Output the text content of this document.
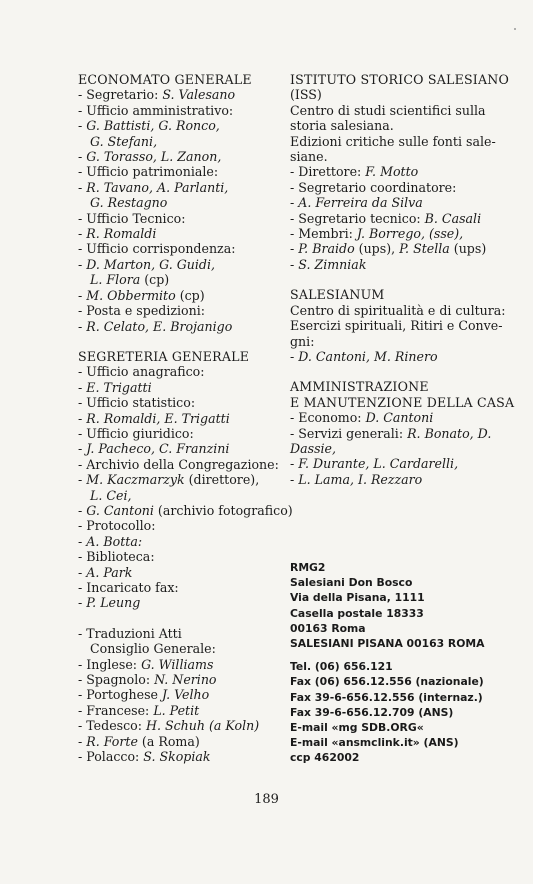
ECONOMATO GENERALE
- Segretario: S. Valesano
- Ufficio amministrativo:
- G. Battisti, G. Ronco,
G. Stefani,
- G. Torasso, L. Zanon,
- Ufficio patrimoniale:
- R. Tavano, A. Parlanti,
G. Restagno
- Ufficio Tecnico:
- R. Romaldi
- Ufficio corrispondenza:
- D. Marton, G. Guidi,
L. Flora (cp)
- M. Obbermito (cp)
- Posta e spedizioni:
- R. Celato, E. Brojanigo
SEGRETERIA GENERALE
- Ufficio anagrafico:
- E. Trigatti
- Ufficio statistico:
- R. Romaldi, E. Trigatti
- Ufficio giuridico:
- J. Pacheco, C. Franzini
- Archivio della Congregazione:
- M. Kaczmarzyk (direttore),
L. Cei,
- G. Cantoni (archivio fotografico)
- Protocollo:
- A. Botta:
- Biblioteca:
- A. Park
- Incaricato fax:
- P. Leung
- Traduzioni Atti
Consiglio Generale:
- Inglese: G. Williams
- Spagnolo: N. Nerino
- Portoghese J. Velho
- Francese: L. Petit
- Tedesco: H. Schuh (a Koln)
- R. Forte (a Roma)
- Polacco: S. Skopiak
ISTITUTO STORICO SALESIANO
(ISS)
Centro di studi scientifici sulla
storia salesiana.
Edizioni critiche sulle fonti sale-
siane.
- Direttore: F. Motto
- Segretario coordinatore:
- A. Ferreira da Silva
- Segretario tecnico: B. Casali
- Membri: J. Borrego, (sse),
- P. Braido (ups), P. Stella (ups)
- S. Zimniak
SALESIANUM
Centro di spiritualità e di cultura:
Esercizi spirituali, Ritiri e Conve-
gni:
- D. Cantoni, M. Rinero
AMMINISTRAZIONE
E MANUTENZIONE DELLA CASA
- Economo: D. Cantoni
- Servizi generali: R. Bonato, D.
Dassie,
- F. Durante, L. Cardarelli,
- L. Lama, I. Rezzaro
RMG2
Salesiani Don Bosco
Via della Pisana, 1111
Casella postale 18333
00163 Roma
SALESIANI PISANA 00163 ROMA
Tel. (06) 656.121
Fax (06) 656.12.556 (nazionale)
Fax 39-6-656.12.556 (internaz.)
Fax 39-6-656.12.709 (ANS)
E-mail «mg SDB.ORG«
E-mail «ansmclink.it» (ANS)
ccp 462002
189
